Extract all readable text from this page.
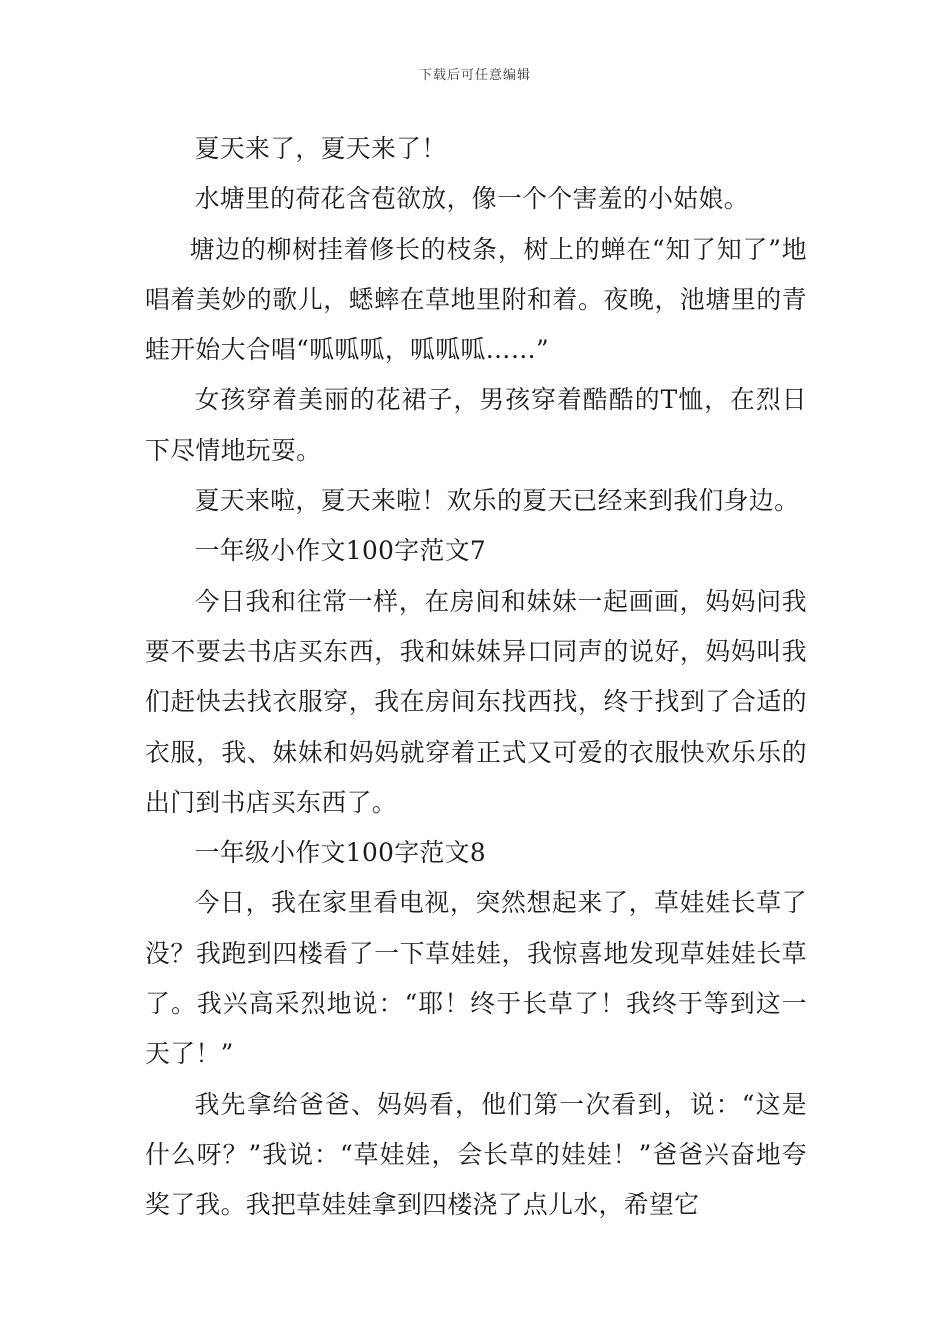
下载后可任意编辑

夏天来了，夏天来了！

水塘里的荷花含苞欲放，像一个个害羞的小姑娘。

塘边的柳树挂着修长的枝条，树上的蝉在“知了知了”地唱着美妙的歌儿，蟋蟀在草地里附和着。夜晚，池塘里的青蛙开始大合唱“呱呱呱，呱呱呱……”

女孩穿着美丽的花裙子，男孩穿着酷酷的T恤，在烈日下尽情地玩耍。

夏天来啦，夏天来啦！欢乐的夏天已经来到我们身边。

一年级小作文100字范文7

今日我和往常一样，在房间和妹妹一起画画，妈妈问我要不要去书店买东西，我和妹妹异口同声的说好，妈妈叫我们赶快去找衣服穿，我在房间东找西找，终于找到了合适的衣服，我、妹妹和妈妈就穿着正式又可爱的衣服快欢乐乐的出门到书店买东西了。

一年级小作文100字范文8

今日，我在家里看电视，突然想起来了，草娃娃长草了没？我跑到四楼看了一下草娃娃，我惊喜地发现草娃娃长草了。我兴高采烈地说：“耶！终于长草了！我终于等到这一天了！”

我先拿给爸爸、妈妈看，他们第一次看到，说：“这是什么呀？”我说：“草娃娃，会长草的娃娃！”爸爸兴奋地夸奖了我。我把草娃娃拿到四楼浇了点儿水，希望它
